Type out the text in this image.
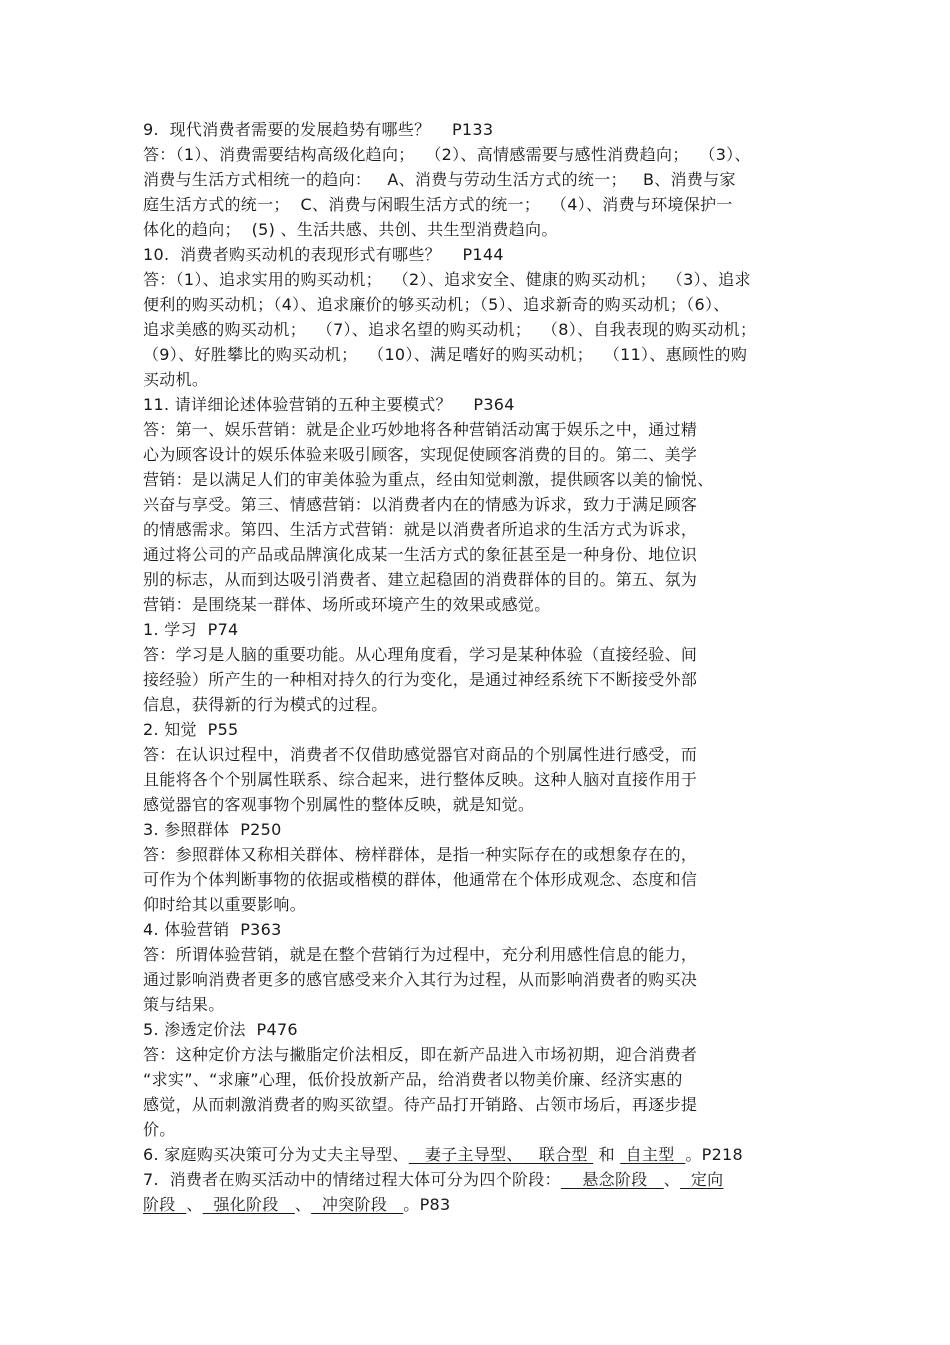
9.  现代消费者需要的发展趋势有哪些？    P133
答：（1）、消费需要结构高级化趋向；  （2）、高情感需要与感性消费趋向；  （3）、
消费与生活方式相统一的趋向：   A、消费与劳动生活方式的统一；   B、消费与家
庭生活方式的统一；  C、消费与闲暇生活方式的统一；  （4）、消费与环境保护一
体化的趋向；  (5) 、生活共感、共创、共生型消费趋向。
10.  消费者购买动机的表现形式有哪些？    P144
答：（1）、追求实用的购买动机；  （2）、追求安全、健康的购买动机；  （3）、追求
便利的购买动机；（4）、追求廉价的够买动机；（5）、追求新奇的购买动机；（6）、
追求美感的购买动机；  （7）、追求名望的购买动机；  （8）、自我表现的购买动机；
（9）、好胜攀比的购买动机；  （10）、满足嗜好的购买动机；  （11）、惠顾性的购
买动机。
11. 请详细论述体验营销的五种主要模式？    P364
答：第一、娱乐营销：就是企业巧妙地将各种营销活动寓于娱乐之中，通过精
心为顾客设计的娱乐体验来吸引顾客，实现促使顾客消费的目的。第二、美学
营销：是以满足人们的审美体验为重点，经由知觉刺激，提供顾客以美的愉悦、
兴奋与享受。第三、情感营销：以消费者内在的情感为诉求，致力于满足顾客
的情感需求。第四、生活方式营销：就是以消费者所追求的生活方式为诉求，
通过将公司的产品或品牌演化成某一生活方式的象征甚至是一种身份、地位识
别的标志，从而到达吸引消费者、建立起稳固的消费群体的目的。第五、氛为
营销：是围绕某一群体、场所或环境产生的效果或感觉。
1. 学习  P74
答：学习是人脑的重要功能。从心理角度看，学习是某种体验（直接经验、间
接经验）所产生的一种相对持久的行为变化，是通过神经系统下不断接受外部
信息，获得新的行为模式的过程。
2. 知觉  P55
答：在认识过程中，消费者不仅借助感觉器官对商品的个别属性进行感受，而
且能将各个个别属性联系、综合起来，进行整体反映。这种人脑对直接作用于
感觉器官的客观事物个别属性的整体反映，就是知觉。
3. 参照群体  P250
答：参照群体又称相关群体、榜样群体，是指一种实际存在的或想象存在的，
可作为个体判断事物的依据或楷模的群体，他通常在个体形成观念、态度和信
仰时给其以重要影响。
4. 体验营销  P363
答：所谓体验营销，就是在整个营销行为过程中，充分利用感性信息的能力，
通过影响消费者更多的感官感受来介入其行为过程，从而影响消费者的购买决
策与结果。
5. 渗透定价法  P476
答：这种定价方法与撇脂定价法相反，即在新产品进入市场初期，迎合消费者
“求实”、“求廉”心理，低价投放新产品，给消费者以物美价廉、经济实惠的
感觉，从而刺激消费者的购买欲望。待产品打开销路、占领市场后，再逐步提
价。
6. 家庭购买决策可分为丈夫主导型、   妻子主导型、   联合型  和  自主型  。P218
7.  消费者在购买活动中的情绪过程大体可分为四个阶段：    悬念阶段   、  定向
阶段  、  强化阶段   、  冲突阶段   。P83
